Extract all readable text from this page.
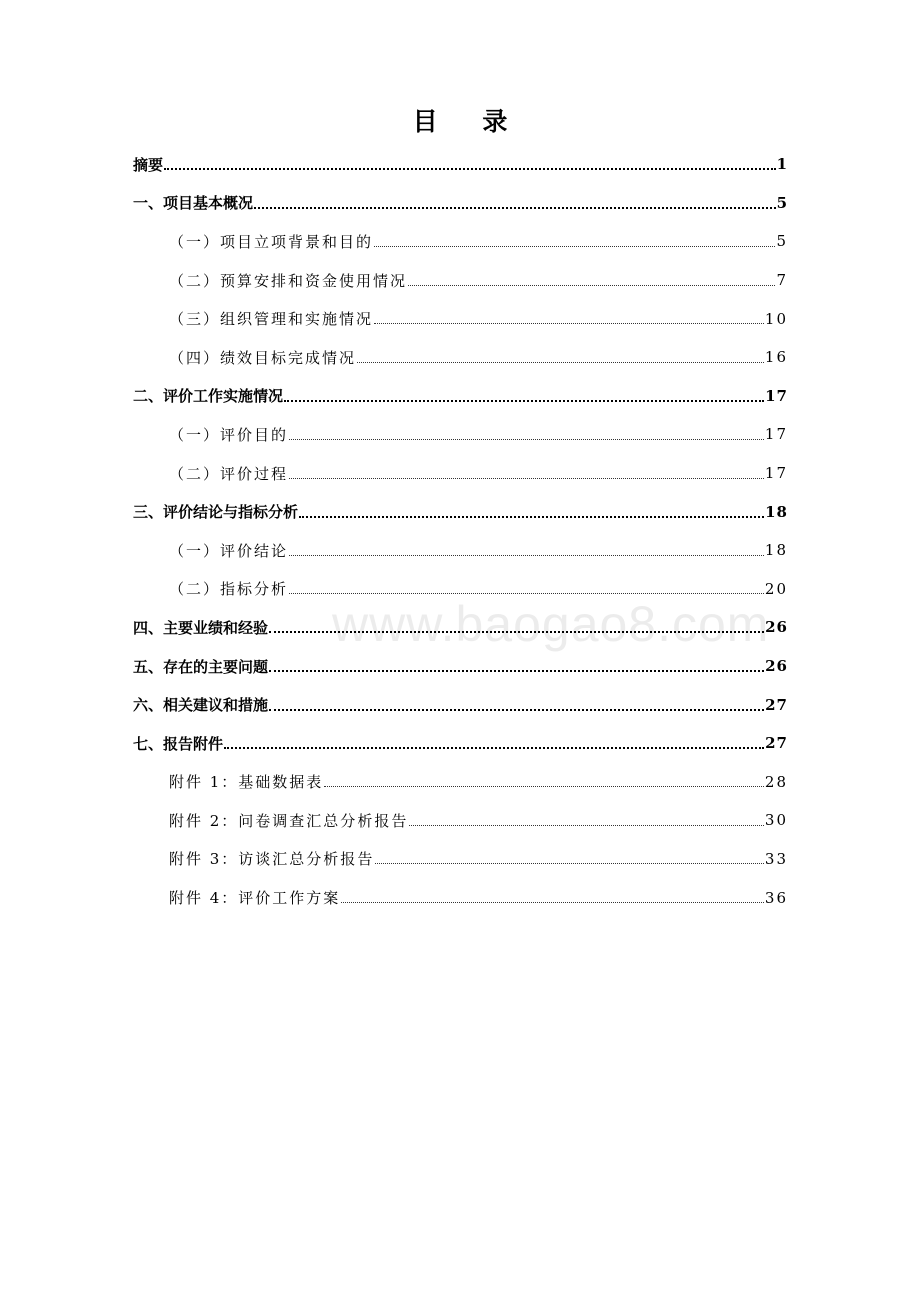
目 录
摘要	1
一、项目基本概况	5
（一）项目立项背景和目的	5
（二）预算安排和资金使用情况	7
（三）组织管理和实施情况	10
（四）绩效目标完成情况	16
二、评价工作实施情况	17
（一）评价目的	17
（二）评价过程	17
三、评价结论与指标分析	18
（一）评价结论	18
（二）指标分析	20
四、主要业绩和经验	26
五、存在的主要问题	26
六、相关建议和措施	27
七、报告附件	27
附件 1：基础数据表	28
附件 2：问卷调查汇总分析报告	30
附件 3：访谈汇总分析报告	33
附件 4：评价工作方案	36
www.baogao8.com
